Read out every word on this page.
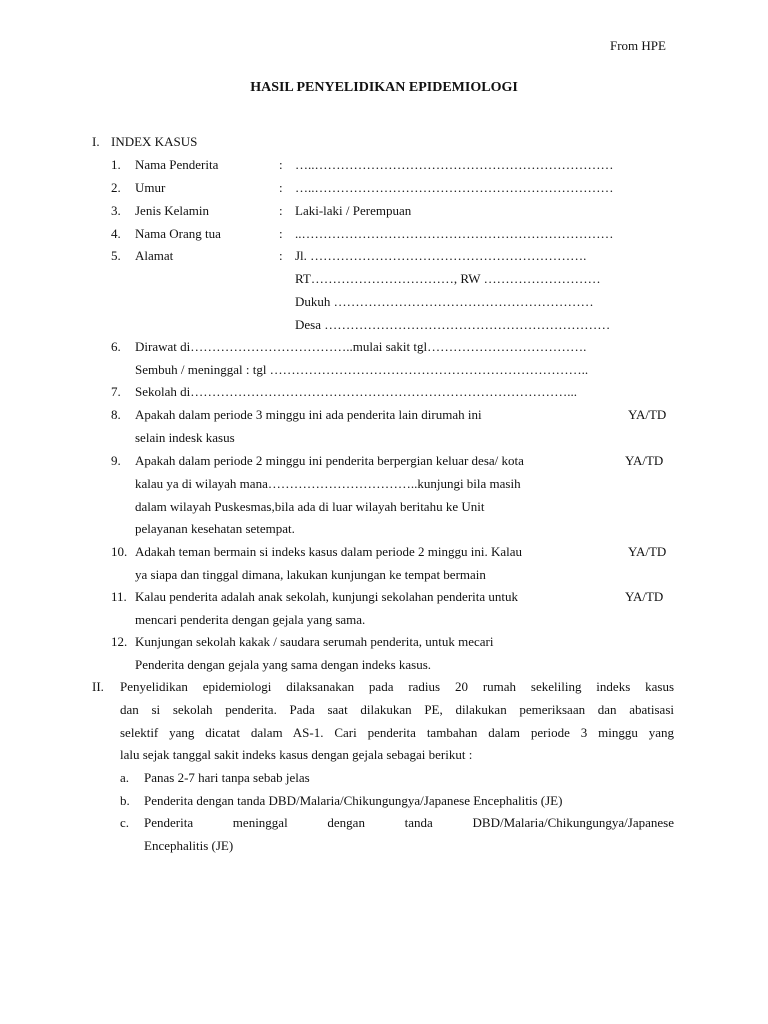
From HPE
HASIL PENYELIDIKAN EPIDEMIOLOGI
I. INDEX KASUS
1. Nama Penderita	: …..……………………………………………………………
2. Umur	: …..……………………………………………………………
3. Jenis Kelamin	: Laki-laki / Perempuan
4. Nama Orang tua	: ..………………………………………………………………
5. Alamat	: Jl. ……………………………………………………….
RT……………………………, RW ………………………
Dukuh ……………………………………………………
Desa …………………………………………………………
6. Dirawat di………………………………..mulai sakit tgl……………………………….
Sembuh / meninggal : tgl ………………………………………………………………..
7. Sekolah di……………………………………………………………………………...
8. Apakah dalam periode 3 minggu ini ada penderita lain dirumah ini
selain indesk kasus
YA/TD
9. Apakah dalam periode 2 minggu ini penderita berpergian keluar desa/ kota
kalau ya di wilayah mana……………………………..kunjungi bila masih
dalam wilayah Puskesmas,bila ada di luar wilayah beritahu ke Unit
pelayanan kesehatan setempat.
YA/TD
10. Adakah teman bermain si indeks kasus dalam periode 2 minggu ini. Kalau
ya siapa dan tinggal dimana, lakukan kunjungan ke tempat bermain
YA/TD
11. Kalau penderita adalah anak sekolah, kunjungi sekolahan penderita untuk
mencari penderita dengan gejala yang sama.
YA/TD
12. Kunjungan sekolah kakak / saudara serumah penderita, untuk mecari
Penderita dengan gejala yang sama dengan indeks kasus.
II. Penyelidikan epidemiologi dilaksanakan pada radius 20 rumah sekeliling indeks kasus
dan si sekolah penderita. Pada saat dilakukan PE, dilakukan pemeriksaan dan abatisasi
selektif yang dicatat dalam AS-1. Cari penderita tambahan dalam periode 3 minggu yang
lalu sejak tanggal sakit indeks kasus dengan gejala sebagai berikut :
a. Panas 2-7 hari tanpa sebab jelas
b. Penderita dengan tanda DBD/Malaria/Chikungungya/Japanese Encephalitis (JE)
c. Penderita meninggal dengan tanda DBD/Malaria/Chikungungya/Japanese
Encephalitis (JE)
